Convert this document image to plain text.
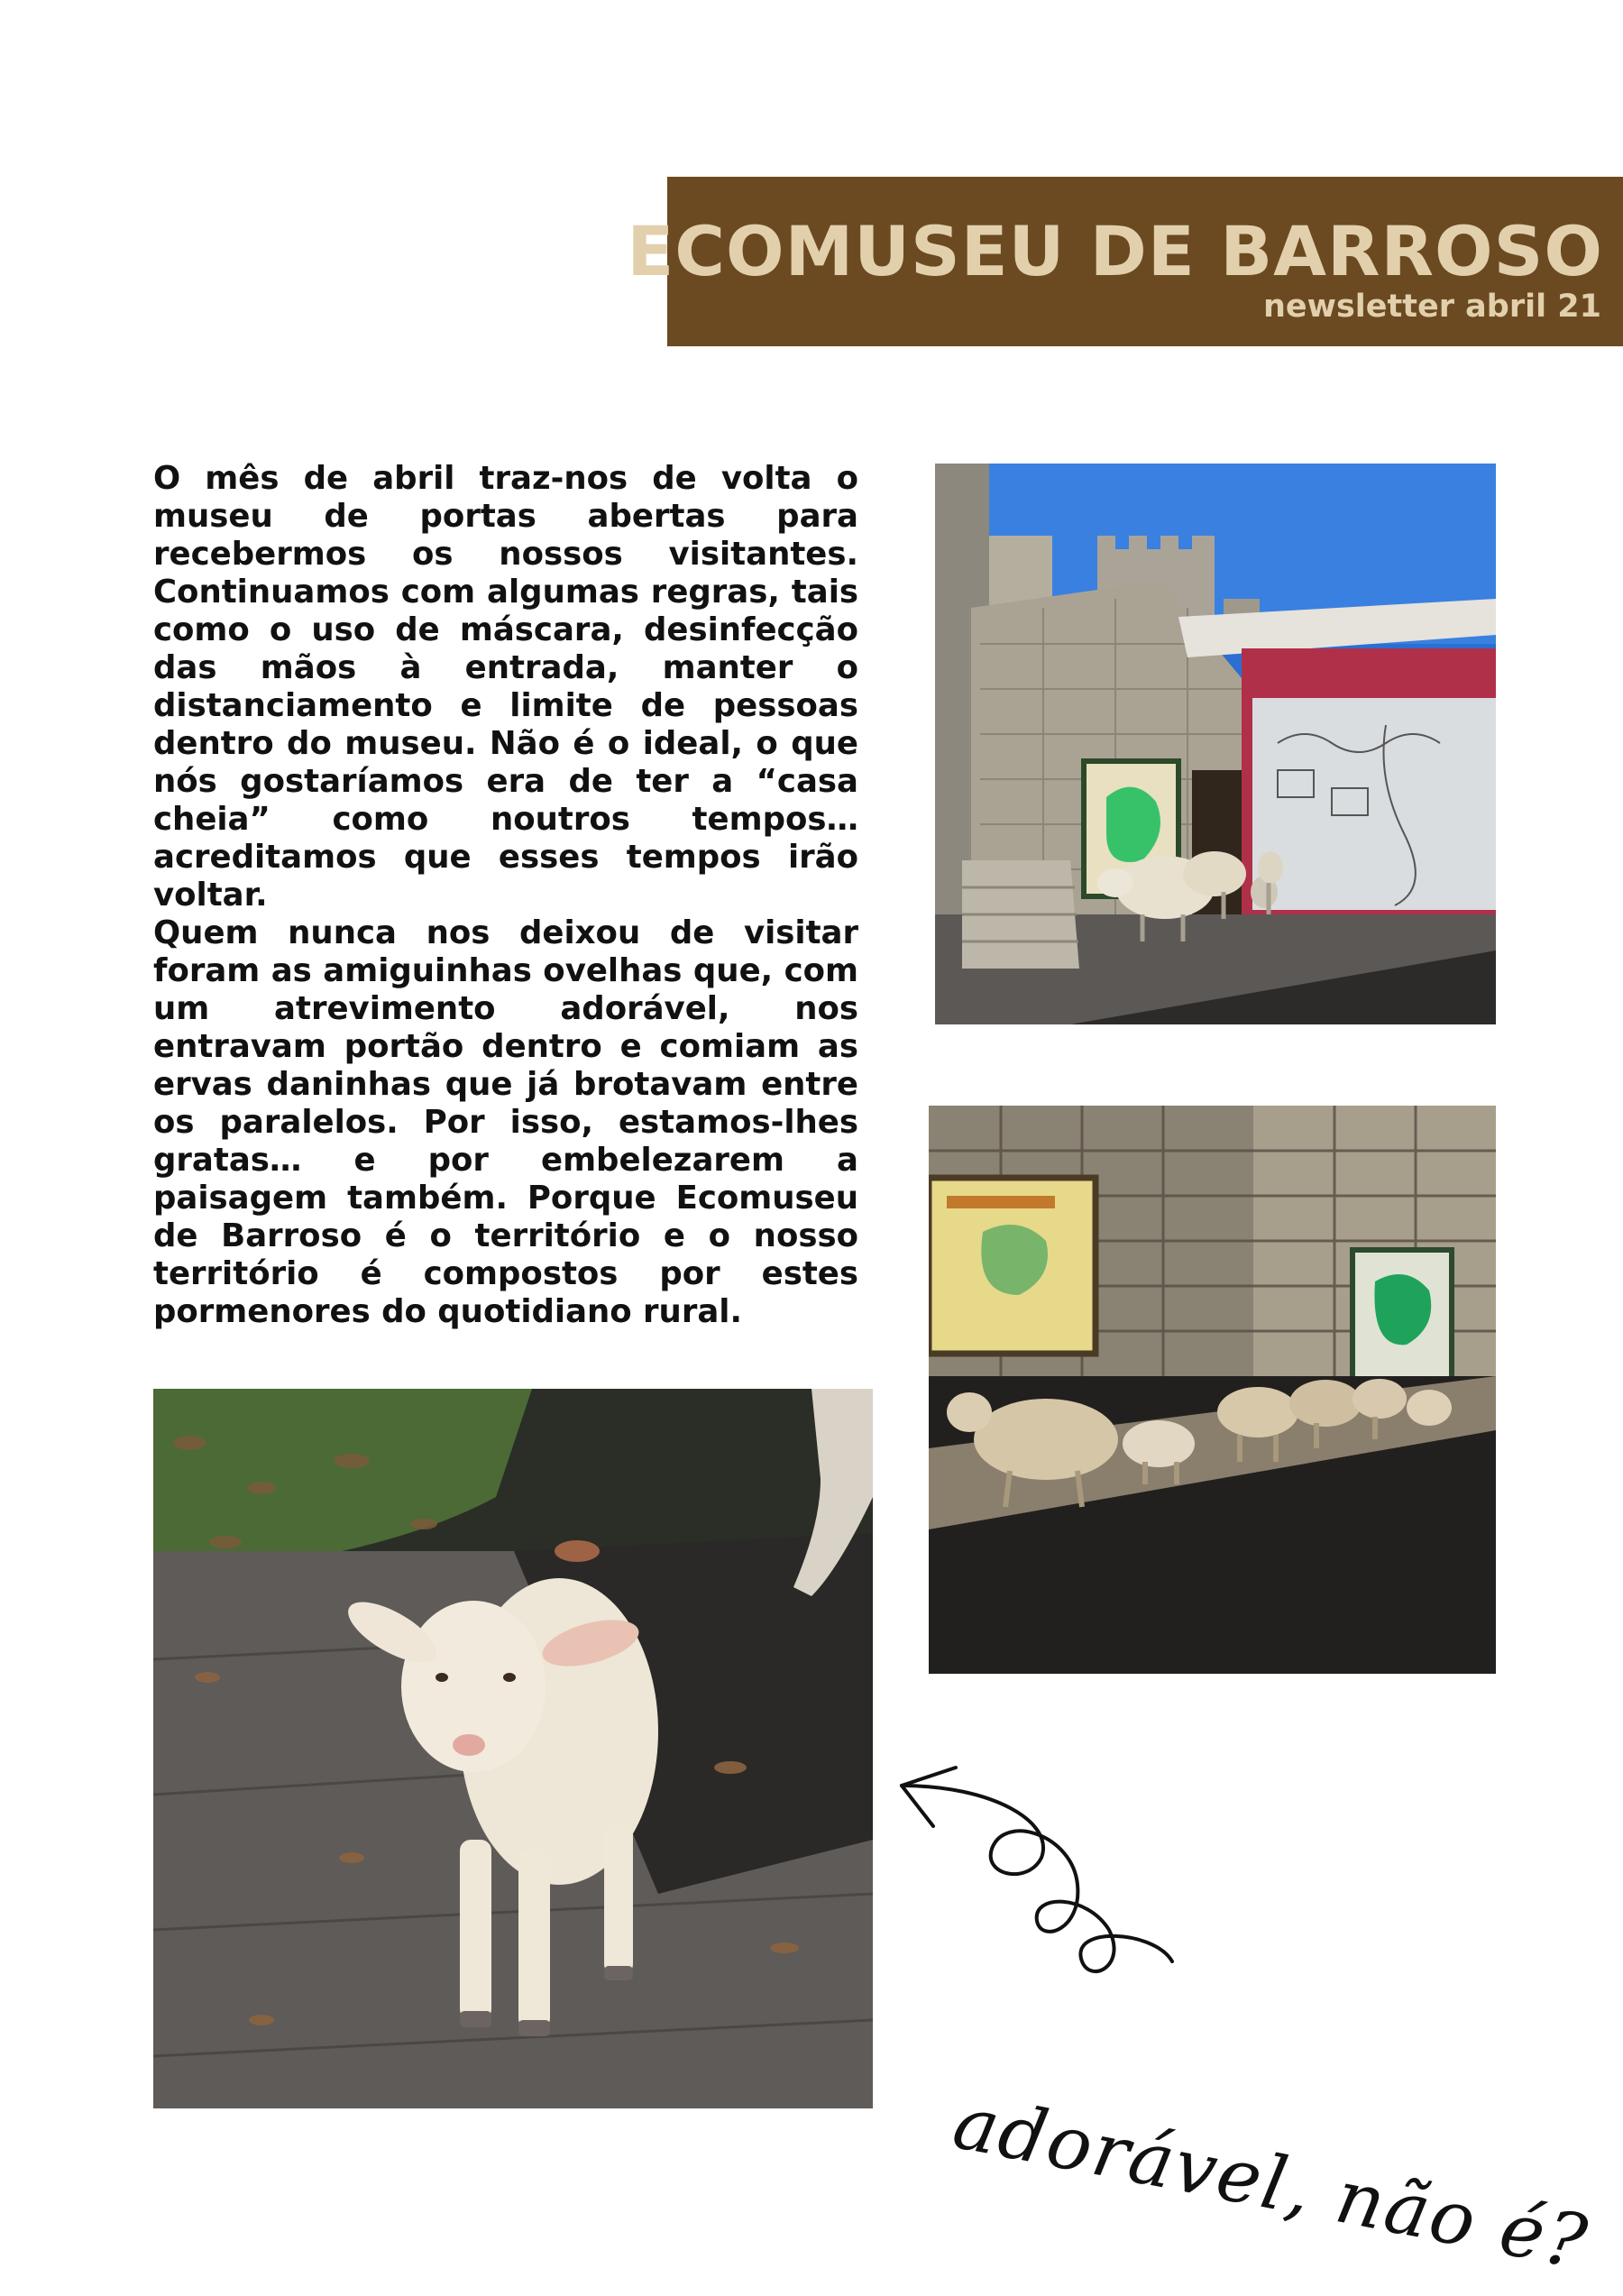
ECOMUSEU DE BARROSO
newsletter abril 21

O mês de abril traz-nos de volta o museu de portas abertas para recebermos os nossos visitantes. Continuamos com algumas regras, tais como o uso de máscara, desinfecção das mãos à entrada, manter o distanciamento e limite de pessoas dentro do museu. Não é o ideal, o que nós gostaríamos era de ter a “casa cheia” como noutros tempos… acreditamos que esses tempos irão voltar.

Quem nunca nos deixou de visitar foram as amiguinhas ovelhas que, com um atrevimento adorável, nos entravam portão dentro e comiam as ervas daninhas que já brotavam entre os paralelos. Por isso, estamos-lhes gratas… e por embelezarem a paisagem também. Porque Ecomuseu de Barroso é o território e o nosso território é compostos por estes pormenores do quotidiano rural.

adorável, não é?
